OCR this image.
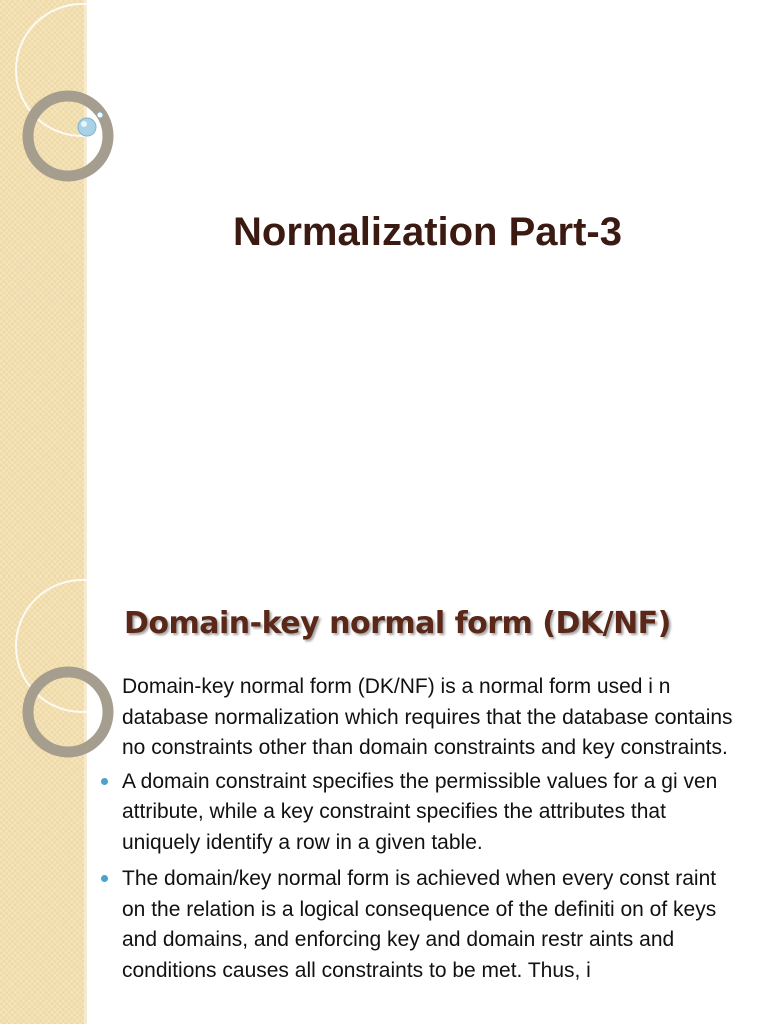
Normalization Part-3
Domain-key normal form (DK/NF)

Domain-key normal form (DK/NF) is a normal form used i n database normalization which requires that the database contains no constraints other than domain constraints and key constraints.

A domain constraint specifies the permissible values for a gi ven attribute, while a key constraint specifies the attributes that uniquely identify a row in a given table.
The domain/key normal form is achieved when every const raint on the relation is a logical consequence of the definiti on of keys and domains, and enforcing key and domain restr aints and conditions causes all constraints to be met. Thus, i
